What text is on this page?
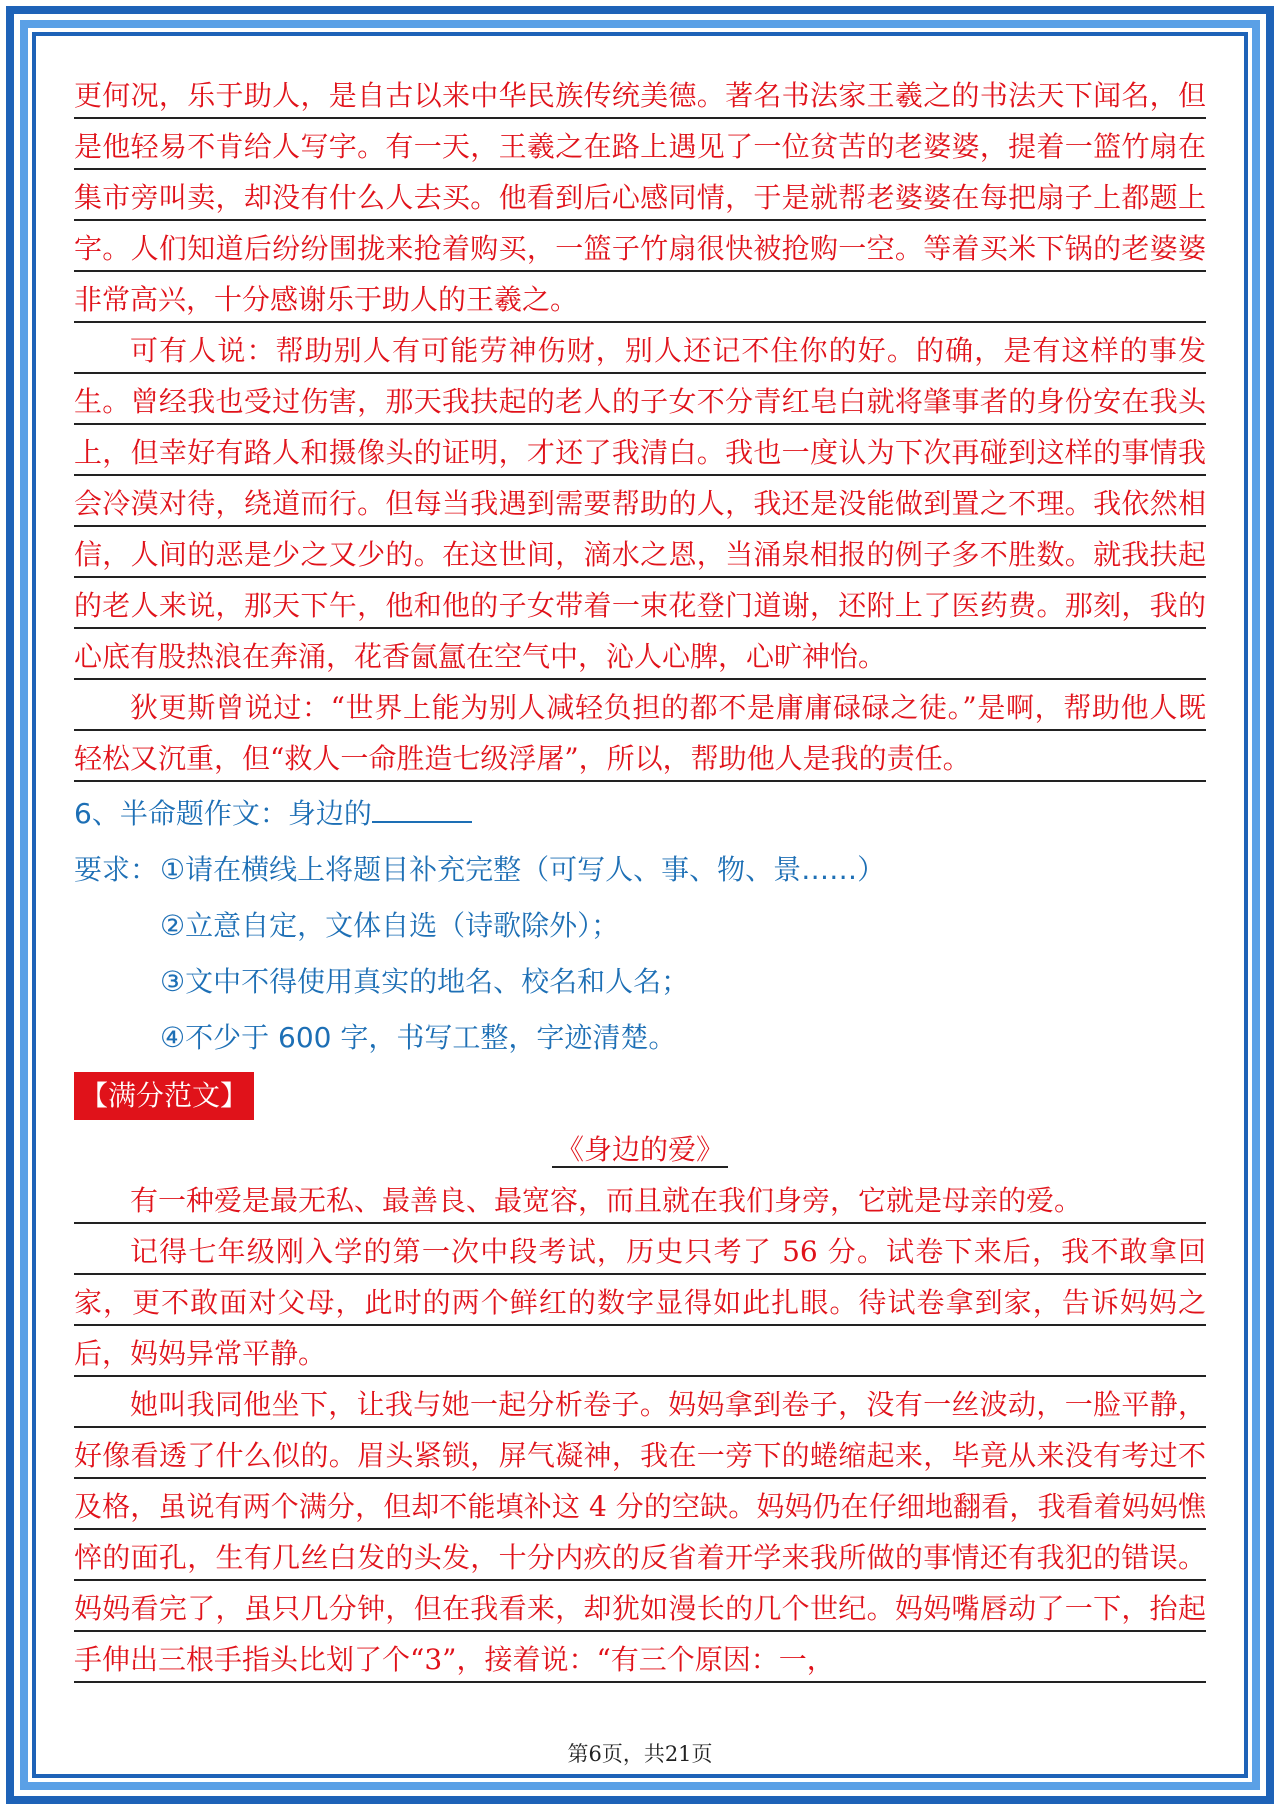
更何况，乐于助人，是自古以来中华民族传统美德。著名书法家王羲之的书法天下闻名，但是他轻易不肯给人写字。有一天，王羲之在路上遇见了一位贫苦的老婆婆，提着一篮竹扇在集市旁叫卖，却没有什么人去买。他看到后心感同情，于是就帮老婆婆在每把扇子上都题上字。人们知道后纷纷围拢来抢着购买，一篮子竹扇很快被抢购一空。等着买米下锅的老婆婆非常高兴，十分感谢乐于助人的王羲之。

可有人说：帮助别人有可能劳神伤财，别人还记不住你的好。的确，是有这样的事发生。曾经我也受过伤害，那天我扶起的老人的子女不分青红皂白就将肇事者的身份安在我头上，但幸好有路人和摄像头的证明，才还了我清白。我也一度认为下次再碰到这样的事情我会冷漠对待，绕道而行。但每当我遇到需要帮助的人，我还是没能做到置之不理。我依然相信，人间的恶是少之又少的。在这世间，滴水之恩，当涌泉相报的例子多不胜数。就我扶起的老人来说，那天下午，他和他的子女带着一束花登门道谢，还附上了医药费。那刻，我的心底有股热浪在奔涌，花香氤氲在空气中，沁人心脾，心旷神怡。

狄更斯曾说过：“世界上能为别人减轻负担的都不是庸庸碌碌之徒。”是啊，帮助他人既轻松又沉重，但“救人一命胜造七级浮屠”，所以，帮助他人是我的责任。

6、半命题作文：身边的
要求： ①请在横线上将题目补充完整（可写人、事、物、景……）
②立意自定，文体自选（诗歌除外）；
③文中不得使用真实的地名、校名和人名；
④不少于 600 字，书写工整，字迹清楚。
【满分范文】
《身边的爱》

有一种爱是最无私、最善良、最宽容，而且就在我们身旁，它就是母亲的爱。

记得七年级刚入学的第一次中段考试，历史只考了 56 分。试卷下来后，我不敢拿回家，更不敢面对父母，此时的两个鲜红的数字显得如此扎眼。待试卷拿到家，告诉妈妈之后，妈妈异常平静。

她叫我同他坐下，让我与她一起分析卷子。妈妈拿到卷子，没有一丝波动，一脸平静，好像看透了什么似的。眉头紧锁，屏气凝神，我在一旁下的蜷缩起来，毕竟从来没有考过不及格，虽说有两个满分，但却不能填补这 4 分的空缺。妈妈仍在仔细地翻看，我看着妈妈憔悴的面孔，生有几丝白发的头发，十分内疚的反省着开学来我所做的事情还有我犯的错误。妈妈看完了，虽只几分钟，但在我看来，却犹如漫长的几个世纪。妈妈嘴唇动了一下，抬起手伸出三根手指头比划了个“3”，接着说：“有三个原因：一，

第6页，共21页
